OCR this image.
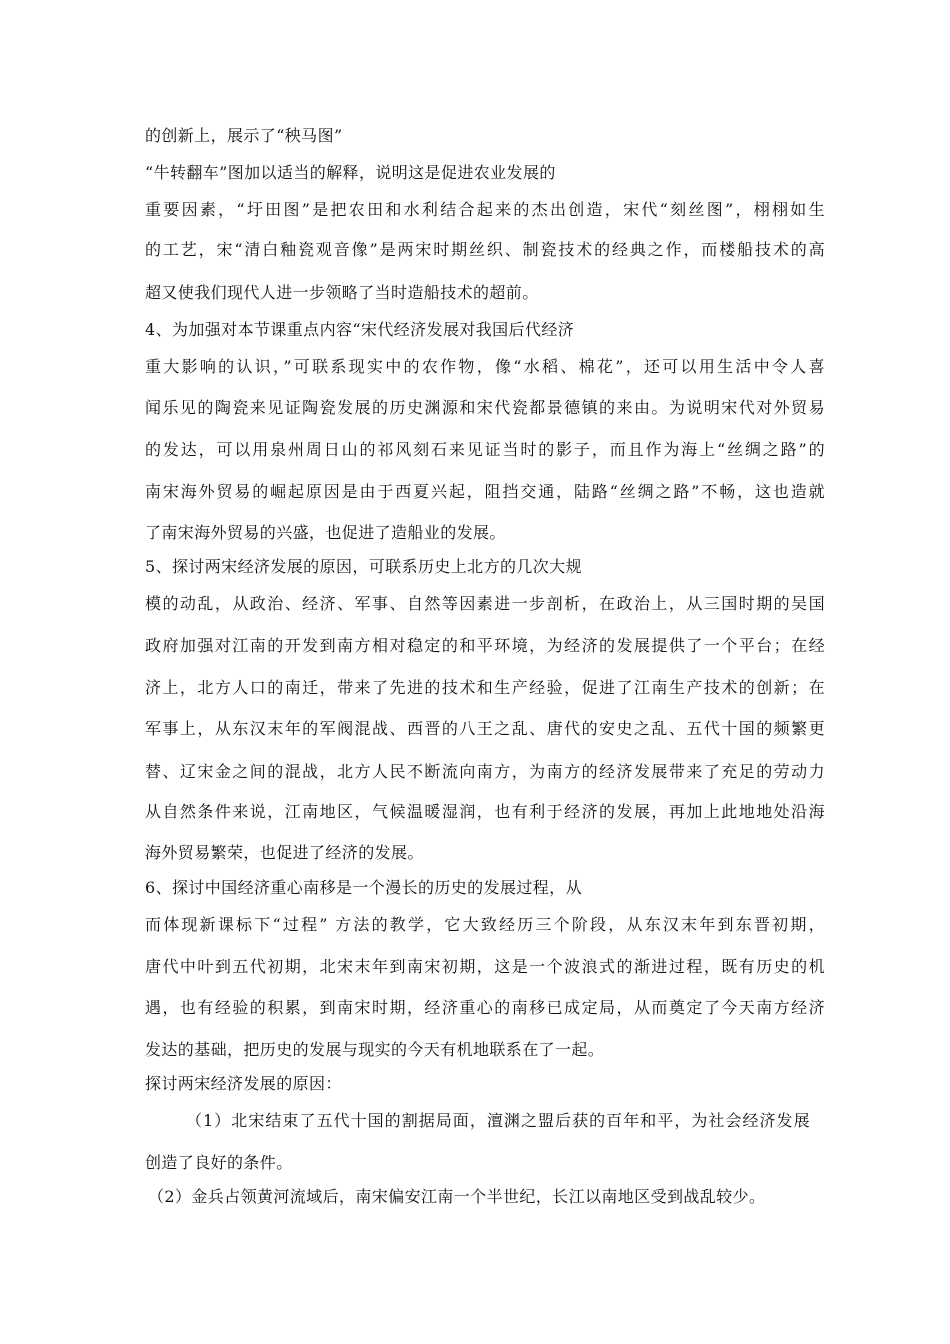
的创新上，展示了“秧马图”
“牛转翻车”图加以适当的解释，说明这是促进农业发展的
重要因素，“圩田图”是把农田和水利结合起来的杰出创造，宋代“刻丝图”，栩栩如生
的工艺，宋“清白釉瓷观音像”是两宋时期丝织、制瓷技术的经典之作，而楼船技术的高
超又使我们现代人进一步领略了当时造船技术的超前。
4、为加强对本节课重点内容“宋代经济发展对我国后代经济
重大影响的认识，”可联系现实中的农作物，像“水稻、棉花”，还可以用生活中令人喜
闻乐见的陶瓷来见证陶瓷发展的历史渊源和宋代瓷都景德镇的来由。为说明宋代对外贸易
的发达，可以用泉州周日山的祁风刻石来见证当时的影子，而且作为海上“丝绸之路”的
南宋海外贸易的崛起原因是由于西夏兴起，阻挡交通，陆路“丝绸之路”不畅，这也造就
了南宋海外贸易的兴盛，也促进了造船业的发展。
5、探讨两宋经济发展的原因，可联系历史上北方的几次大规
模的动乱，从政治、经济、军事、自然等因素进一步剖析，在政治上，从三国时期的吴国
政府加强对江南的开发到南方相对稳定的和平环境，为经济的发展提供了一个平台；在经
济上，北方人口的南迁，带来了先进的技术和生产经验，促进了江南生产技术的创新；在
军事上，从东汉末年的军阀混战、西晋的八王之乱、唐代的安史之乱、五代十国的频繁更
替、辽宋金之间的混战，北方人民不断流向南方，为南方的经济发展带来了充足的劳动力
从自然条件来说，江南地区，气候温暖湿润，也有利于经济的发展，再加上此地地处沿海
海外贸易繁荣，也促进了经济的发展。
6、探讨中国经济重心南移是一个漫长的历史的发展过程，从
而体现新课标下“过程” 方法的教学，它大致经历三个阶段，从东汉末年到东晋初期，
唐代中叶到五代初期，北宋末年到南宋初期，这是一个波浪式的渐进过程，既有历史的机
遇，也有经验的积累，到南宋时期，经济重心的南移已成定局，从而奠定了今天南方经济
发达的基础，把历史的发展与现实的今天有机地联系在了一起。
探讨两宋经济发展的原因：
（1）北宋结束了五代十国的割据局面，澶渊之盟后获的百年和平，为社会经济发展
创造了良好的条件。
（2）金兵占领黄河流域后，南宋偏安江南一个半世纪，长江以南地区受到战乱较少。
